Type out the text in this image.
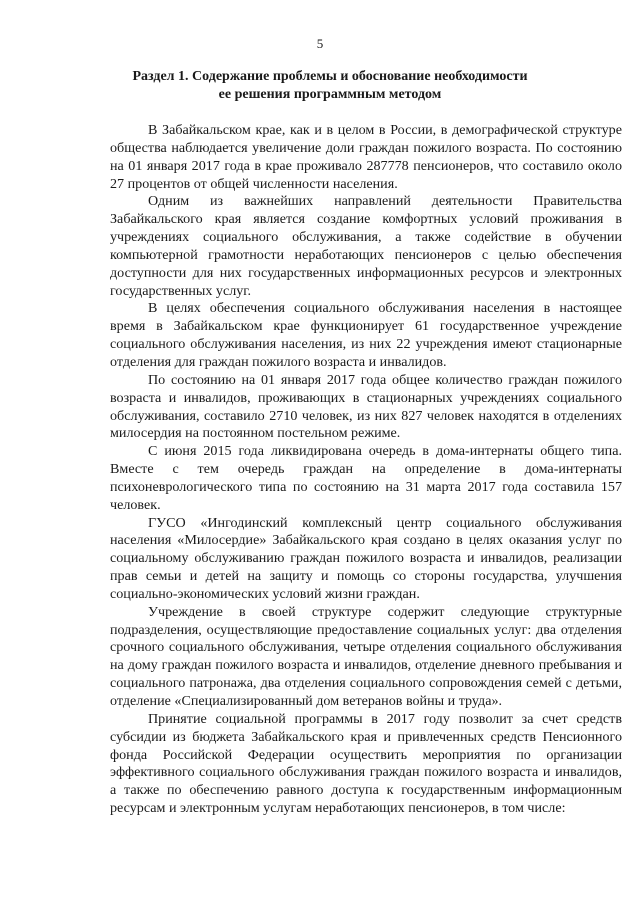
5
Раздел 1. Содержание проблемы и обоснование необходимости
ее решения программным методом

В Забайкальском крае, как и в целом в России, в демографической структуре общества наблюдается увеличение доли граждан пожилого возраста. По состоянию на 01 января 2017 года в крае проживало 287778 пенсионеров, что составило около 27 процентов от общей численности населения.

Одним из важнейших направлений деятельности Правительства Забайкальского края является создание комфортных условий проживания в учреждениях социального обслуживания, а также содействие в обучении компьютерной грамотности неработающих пенсионеров с целью обеспечения доступности для них государственных информационных ресурсов и электронных государственных услуг.

В целях обеспечения социального обслуживания населения в настоящее время в Забайкальском крае функционирует 61 государственное учреждение социального обслуживания населения, из них 22 учреждения имеют стационарные отделения для граждан пожилого возраста и инвалидов.

По состоянию на 01 января 2017 года общее количество граждан пожилого возраста и инвалидов, проживающих в стационарных учреждениях социального обслуживания, составило 2710 человек, из них 827 человек находятся в отделениях милосердия на постоянном постельном режиме.

С июня 2015 года ликвидирована очередь в дома-интернаты общего типа. Вместе с тем очередь граждан на определение в дома-интернаты психоневрологического типа по состоянию на 31 марта 2017 года составила 157 человек.

ГУСО «Ингодинский комплексный центр социального обслуживания населения «Милосердие» Забайкальского края создано в целях оказания услуг по социальному обслуживанию граждан пожилого возраста и инвалидов, реализации прав семьи и детей на защиту и помощь со стороны государства, улучшения социально-экономических условий жизни граждан.

Учреждение в своей структуре содержит следующие структурные подразделения, осуществляющие предоставление социальных услуг: два отделения срочного социального обслуживания, четыре отделения социального обслуживания на дому граждан пожилого возраста и инвалидов, отделение дневного пребывания и социального патронажа, два отделения социального сопровождения семей с детьми, отделение «Специализированный дом ветеранов войны и труда».

Принятие социальной программы в 2017 году позволит за счет средств субсидии из бюджета Забайкальского края и привлеченных средств Пенсионного фонда Российской Федерации осуществить мероприятия по организации эффективного социального обслуживания граждан пожилого возраста и инвалидов, а также по обеспечению равного доступа к государственным информационным ресурсам и электронным услугам неработающих пенсионеров, в том числе:
